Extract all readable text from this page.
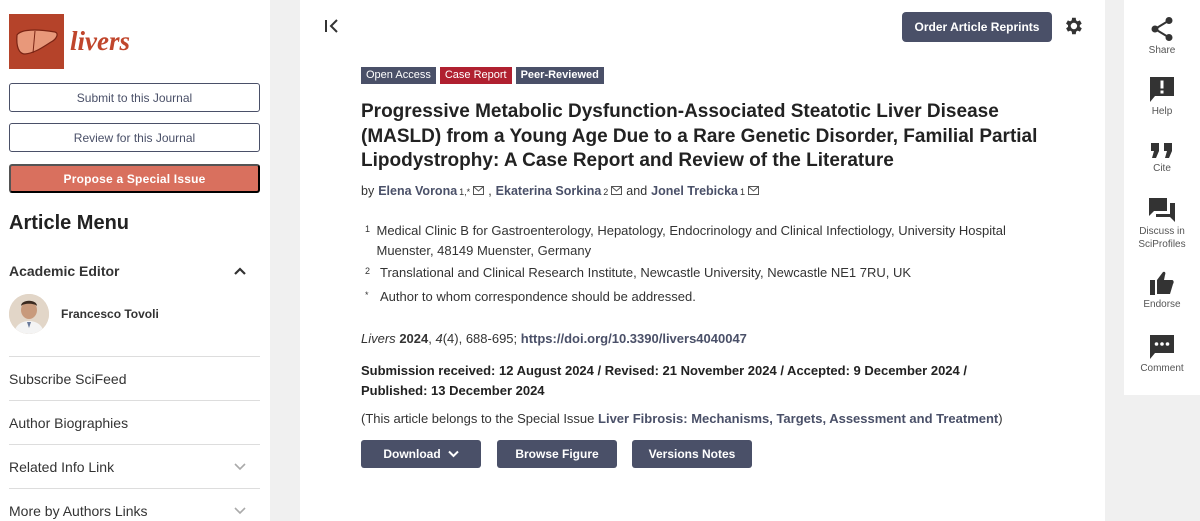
livers
Submit to this Journal
Review for this Journal
Propose a Special Issue
Article Menu
Academic Editor
Francesco Tovoli
Subscribe SciFeed
Author Biographies
Related Info Link
More by Authors Links
Order Article Reprints
Open Access	Case Report	Peer-Reviewed
Progressive Metabolic Dysfunction-Associated Steatotic Liver Disease (MASLD) from a Young Age Due to a Rare Genetic Disorder, Familial Partial Lipodystrophy: A Case Report and Review of the Literature
by Elena Vorona 1,* , Ekaterina Sorkina 2 and Jonel Trebicka 1
1 Medical Clinic B for Gastroenterology, Hepatology, Endocrinology and Clinical Infectiology, University Hospital Muenster, 48149 Muenster, Germany
2 Translational and Clinical Research Institute, Newcastle University, Newcastle NE1 7RU, UK
* Author to whom correspondence should be addressed.
Livers 2024, 4(4), 688-695; https://doi.org/10.3390/livers4040047
Submission received: 12 August 2024 / Revised: 21 November 2024 / Accepted: 9 December 2024 / Published: 13 December 2024
(This article belongs to the Special Issue Liver Fibrosis: Mechanisms, Targets, Assessment and Treatment)
Download	Browse Figure	Versions Notes
Share
Help
Cite
Discuss in SciProfiles
Endorse
Comment
